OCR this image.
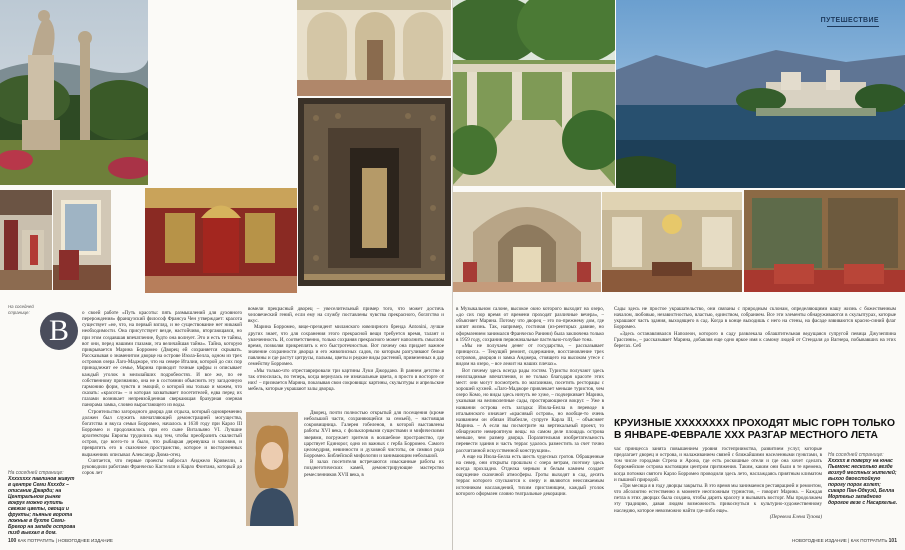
ПУТЕШЕСТВИЕ
В

о своей работе «Путь красоты: пять размышлений для духовного перерождения» французский философ Франсуа Чен утверждает: красота существует «не, что, на первый взгляд, и не существование нет никакой необходимости. Она присутствует везде, настойчиво, вторгающаяся, но при этом создавшая впечатление, будто она волнует. Это и есть те тайны, вот они, перед нашими глазами, эта величайшая тайна». Тайна, которую прикрывается Марина Борромео (Дворец ей сохраняется скрывать. Рассказывая о знаменитом дворце на острове Изола-Белла, одном из трех островов озера Лаго-Маджоре, что на севере Италии, которой до сих пор принадлежит ее семье, Марина приводит точные цифры и описывает каждый уголок в мельчайших подробностях. И все же, по ее собственному признанию, она не в состоянии объяснить эту загадочную гармонию форм, чувств и эмоций, о которой мы только и можем, что сказать: «красота» – и которая захватывает посетителей, едва перед их глазами возникает непревзойденная сверкающая бразурная озерная панорама замка, словно вырастающего из воды.

Строительство загородного дворца для отдыха, который одновременно должен был служить впечатляющей демонстрацией могущества, богатства и вкуса семьи Борромео, началось в 1630 году при Карло III Борромео и продолжилось при его сыне Витальяно VI. Лучшие архитекторы Европы трудились над тем, чтобы преобразить скалистый остров, где всего-то и было, что рыбацкая деревушка и часовня, и превратить его в сказочное пространство, которое и восторженных выражениях описывал Александр Дюма-отец.

Считается, что первые проекты набросал Анджело Кривелли, а руководили работами Франческо Кастелли и Карло Фонтана, который до сорок лет

вомели прекрасный дворец – увеселительный пример того, что может достичь человеческий гений, если ему на службу поставлены чувства прекрасного, богатство и вкус.

Марина Борромео, вице-президент миланского ювелирного бренда Antonini, лучше других знает, что для сохранения этого прекрасной вещи требуется время, талант и увлеченность. И, соответственно, только сохраняя прекрасного может наполнить смыслом время, позволяя прикреплять к его быстротечностью. Вот почему она придает важное значение сохранности дворца и его живописных садов, по которым разгуливают белые павлины и где растут цитрусы, пальмы, цветы и редкие виды растений, привезенных в дар семейству Борромео.

«Мы только-что отреставрировали три картины Луки Джордано. В раннем детстве я так относилась, по теперь, когда вернулась не изначальные цвета, я просто в восторге от них! – признается Марина, показывая свои сокровища: картины, скульптуры и апрельские мебель, которые украшают залы дворца.

Дворец, почти полностью открытый для посещения (кроме небольшой части, сохраняющейся за семьей), – настоящая сокровищница. Галерея гобеленов, в которой выставлены работы XVI века, с фольклорными существами и мифическими зверями, погружает зрителя в волшебное пространство, где царствует Единорог, одно из важных с герба Борромео. Самого целомудрия, невинности и духовной чистоты, он символ рода Борромео. Библейской мифологии и занимающим небольшой.

В залах посетителя встречаются изысканные работы их позднеготических камей, демонстрирующие мастерство ремесленников XVII века, в

На соседней странице:
Хххххххх павлинов живут в центре Семи Кхххдх – описание Джарди; на Центральном рынке вокруг можно купить свежие цветы, овощи и фрукты; пьяные ворота ложные в бухте Семи-Брегор на западе острова пизд выехал в дом.
На соседней странице:

в Музыкальном салоне, высокое окно которого выходит на озеро, «до сих пор время от времени проходят различные вечера», – объясняет Марина. Потому что дворец – это по-прежнему дом, где кипит жизнь. Так, например, гостиная (из-ренторых давние, но оформлением занимался Франческо Ранини) была заключена только в 1959 году, сохранив первоначальные пастельно-голубые тона.

«Мы не получаем денег от государства, – рассказывает принцесса. – Текущий ремонт, содержание, восстановление трех островов, дворцов и замка Анджера, стоящего на высоком утесе с видом на озеро, – все лежит на наших плечах».

Вот почему здесь всегда рады гостям. Туристы получают здесь неизгладимые впечатления, и не только благодаря красоте этих мест: они могут посмотреть по магазинам, посетить ресторацы с хорошей кухней. «Лаго-Маджоре привлекает меньше туристов, чем озеро Комо, но виды здесь ничуть не хуже, – подчеркивает Марина, указывая на великолепные сады, простирающиеся вокруг. – Уже в названии острова есть загадка: Изола-Белла в переводе в итальянского означает «красивый остров», но вообще-то очень названием он обязан Изабелле, супруге Карла III, – объясняет Марина. – А если вы посмотрите на вертикальный проект, то обнаружите невероятную вещь: на самом деле площадь острова меньше, чем размер дворца. Поразительная изобретательность перевести здания и часть террас удалось разместить за счет точно рассчитанной искусственной конструкции».

А еще на Изола-Белла есть шесть чудесных гротов. Обращенные на север, они открыты прошлым с озера ветрам, поэтому здесь всегда прохладно. Отделка черным и белым камнем создает ощущение сказочной атмосферы. Гроты выходят в сад, десять террас которого спускаются к озеру и являются неиссякаемым источником наслаждений, тихим пристанищем, каждый уголок которого оформлен словно театральные декорации.

Сады здесь не простое украшательство, они связаны с природным склонам, определяющими нашу жизнь с божественным началом, любовью, независтностью, властью, единством, собранием. Все эти элементы обнаруживаются в скульптурах, которые украшают часть здания, выходящего в сад. Когда в конце выходишь с него на стены, на фасаде взвиваются красно-синий флаг Борромео.

«Здесь останавливался Наполеон, которого в саду развлекала облаштительная ведущаяся супругой певица Джузеппина Грассини», – рассказывает Марина, добавляя еще одно яркое имя к самому людей от Стендаля до Вагнера, побывавших на этих берегах. Себ

КРУИЗНЫЕ XXXXXXXX ПРОХОДЯТ МЫС ГОРН ТОЛЬКО В ЯНВАРЕ-ФЕВРАЛЕ XXX РАЗГАР МЕСТНОГО ЛЕТА

час принцесса занята повышением уровня гостеприимства, развитием услуг, которые предлагает дворец и острова, и налаживанием связей с ближайшими населенными пунктами, в том числе городами Стреза и Арона, где есть роскошные отели и где она хочет сделать борромейские острова настоящим центром притяжения. Таким, каким они были в те времена, когда потомки святого Карло Борромео проводили здесь лето, наслаждаясь приятным климатом и пышной природой.

«Три месяца я в году дворцы закрыты. В это время мы занимаемся реставрацией и ремонтом, что абсолютно естественно в моменте неотложным турнистов, – говорит Марина. – Каждая петла в этих дворцах была создана, чтобы дарить красоту и вызывать восторг. Мы продолжаем эту традицию, давая людям возможность прикоснуться к культурно-художественному наследию, которое невозможно найти где-либо еще».

(Перевела Елена Тузова)
На соседней странице:
Хххххх в поверху на юнас Пьемонс несколько везде возлуд местных жителей; выхоо двоестойкую порогу порог взлет; сикаро Пан-Одкуэй, Белла Мортекьо западного дорогое везе с Насархелье.
100 КАК ПОТРАТИТЬ | НОВОГОДНЕЕ ИЗДАНИЕ	НОВОГОДНЕЕ ИЗДАНИЕ | КАК ПОТРАТИТЬ 101
